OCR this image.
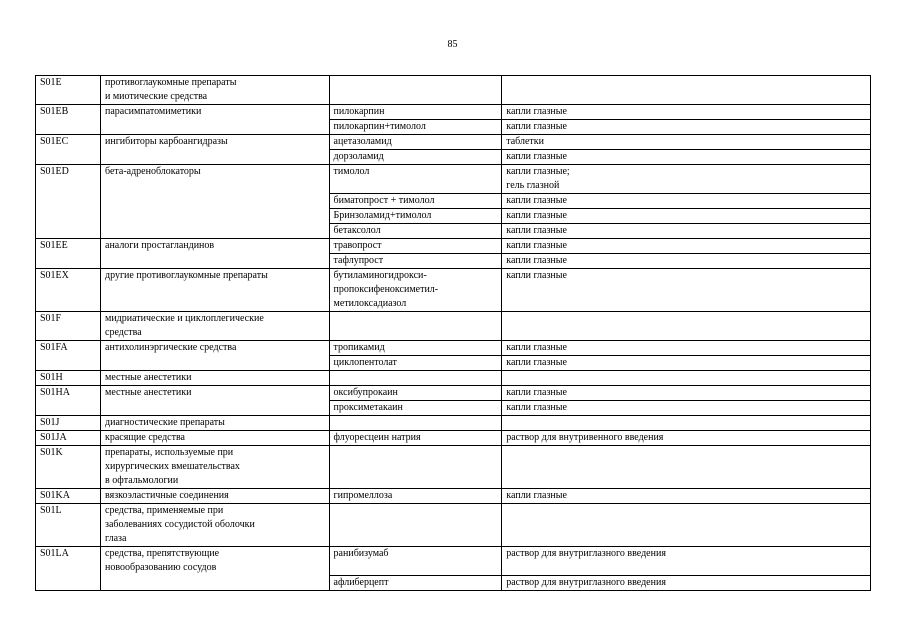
85
S01E	противоглаукомные препараты
и миотические средства		
S01EB	парасимпатомиметики	пилокарпин	капли глазные
		пилокарпин+тимолол	капли глазные
S01EC	ингибиторы карбоангидразы	ацетазоламид	таблетки
		дорзоламид	капли глазные
S01ED	бета-адреноблокаторы	тимолол	капли глазные;
гель глазной
		биматопрост + тимолол	капли глазные
		Бринзоламид+тимолол	капли глазные
		бетаксолол	капли глазные
S01EE	аналоги простагландинов	травопрост	капли глазные
		тафлупрост	капли глазные
S01EX	другие противоглаукомные препараты	бутиламиногидрокси-
пропоксифеноксиметил-
метилоксадиазол	капли глазные
S01F	мидриатические и циклоплегические
средства		
S01FA	антихолинэргические средства	тропикамид	капли глазные
		циклопентолат	капли глазные
S01H	местные анестетики		
S01HA	местные анестетики	оксибупрокаин	капли глазные
		проксиметакаин	капли глазные
S01J	диагностические препараты		
S01JA	красящие средства	флуоресцеин натрия	раствор для внутривенного введения
S01K	препараты, используемые при
хирургических вмешательствах
в офтальмологии		
S01KA	вязкоэластичные соединения	гипромеллоза	капли глазные
S01L	средства, применяемые при
заболеваниях сосудистой оболочки
глаза		
S01LA	средства, препятствующие
новообразованию сосудов	ранибизумаб	раствор для внутриглазного введения
		афлиберцепт	раствор для внутриглазного введения
